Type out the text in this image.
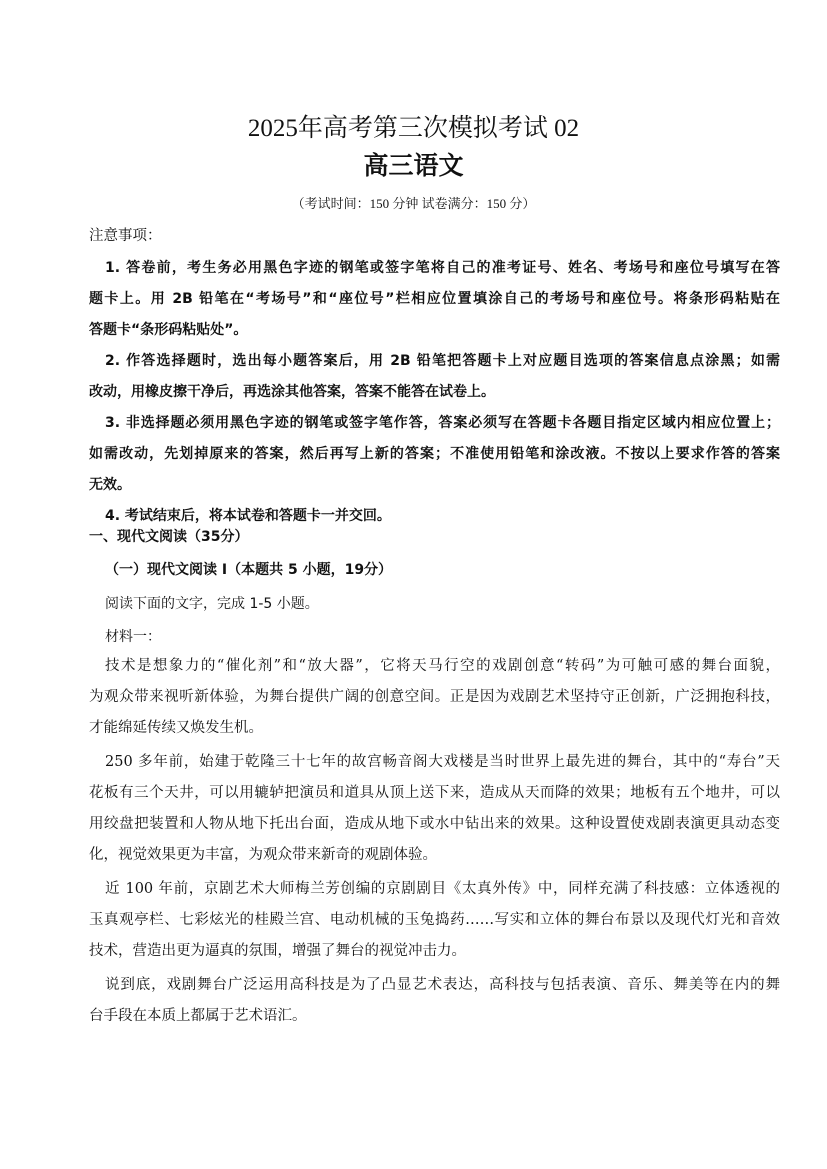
2025年高考第三次模拟考试 02
高三语文
（考试时间：150 分钟 试卷满分：150 分）
注意事项：
1. 答卷前，考生务必用黑色字迹的钢笔或签字笔将自己的准考证号、姓名、考场号和座位号填写在答
题卡上。用 2B 铅笔在“考场号”和“座位号”栏相应位置填涂自己的考场号和座位号。将条形码粘贴在
答题卡“条形码粘贴处”。
2. 作答选择题时，选出每小题答案后，用 2B 铅笔把答题卡上对应题目选项的答案信息点涂黑；如需
改动，用橡皮擦干净后，再选涂其他答案，答案不能答在试卷上。
3. 非选择题必须用黑色字迹的钢笔或签字笔作答，答案必须写在答题卡各题目指定区域内相应位置上；
如需改动，先划掉原来的答案，然后再写上新的答案；不准使用铅笔和涂改液。不按以上要求作答的答案
无效。
4. 考试结束后，将本试卷和答题卡一并交回。
一、现代文阅读（35分）
（一）现代文阅读 I（本题共 5 小题，19分）
阅读下面的文字，完成 1-5 小题。
材料一：
技术是想象力的“催化剂”和“放大器”，它将天马行空的戏剧创意“转码”为可触可感的舞台面貌，
为观众带来视听新体验，为舞台提供广阔的创意空间。正是因为戏剧艺术坚持守正创新，广泛拥抱科技，
才能绵延传续又焕发生机。
250 多年前，始建于乾隆三十七年的故宫畅音阁大戏楼是当时世界上最先进的舞台，其中的“寿台”天
花板有三个天井，可以用辘轳把演员和道具从顶上送下来，造成从天而降的效果；地板有五个地井，可以
用绞盘把装置和人物从地下托出台面，造成从地下或水中钻出来的效果。这种设置使戏剧表演更具动态变
化，视觉效果更为丰富，为观众带来新奇的观剧体验。
近 100 年前，京剧艺术大师梅兰芳创编的京剧剧目《太真外传》中，同样充满了科技感：立体透视的
玉真观亭栏、七彩炫光的桂殿兰宫、电动机械的玉兔捣药……写实和立体的舞台布景以及现代灯光和音效
技术，营造出更为逼真的氛围，增强了舞台的视觉冲击力。
说到底，戏剧舞台广泛运用高科技是为了凸显艺术表达，高科技与包括表演、音乐、舞美等在内的舞
台手段在本质上都属于艺术语汇。
